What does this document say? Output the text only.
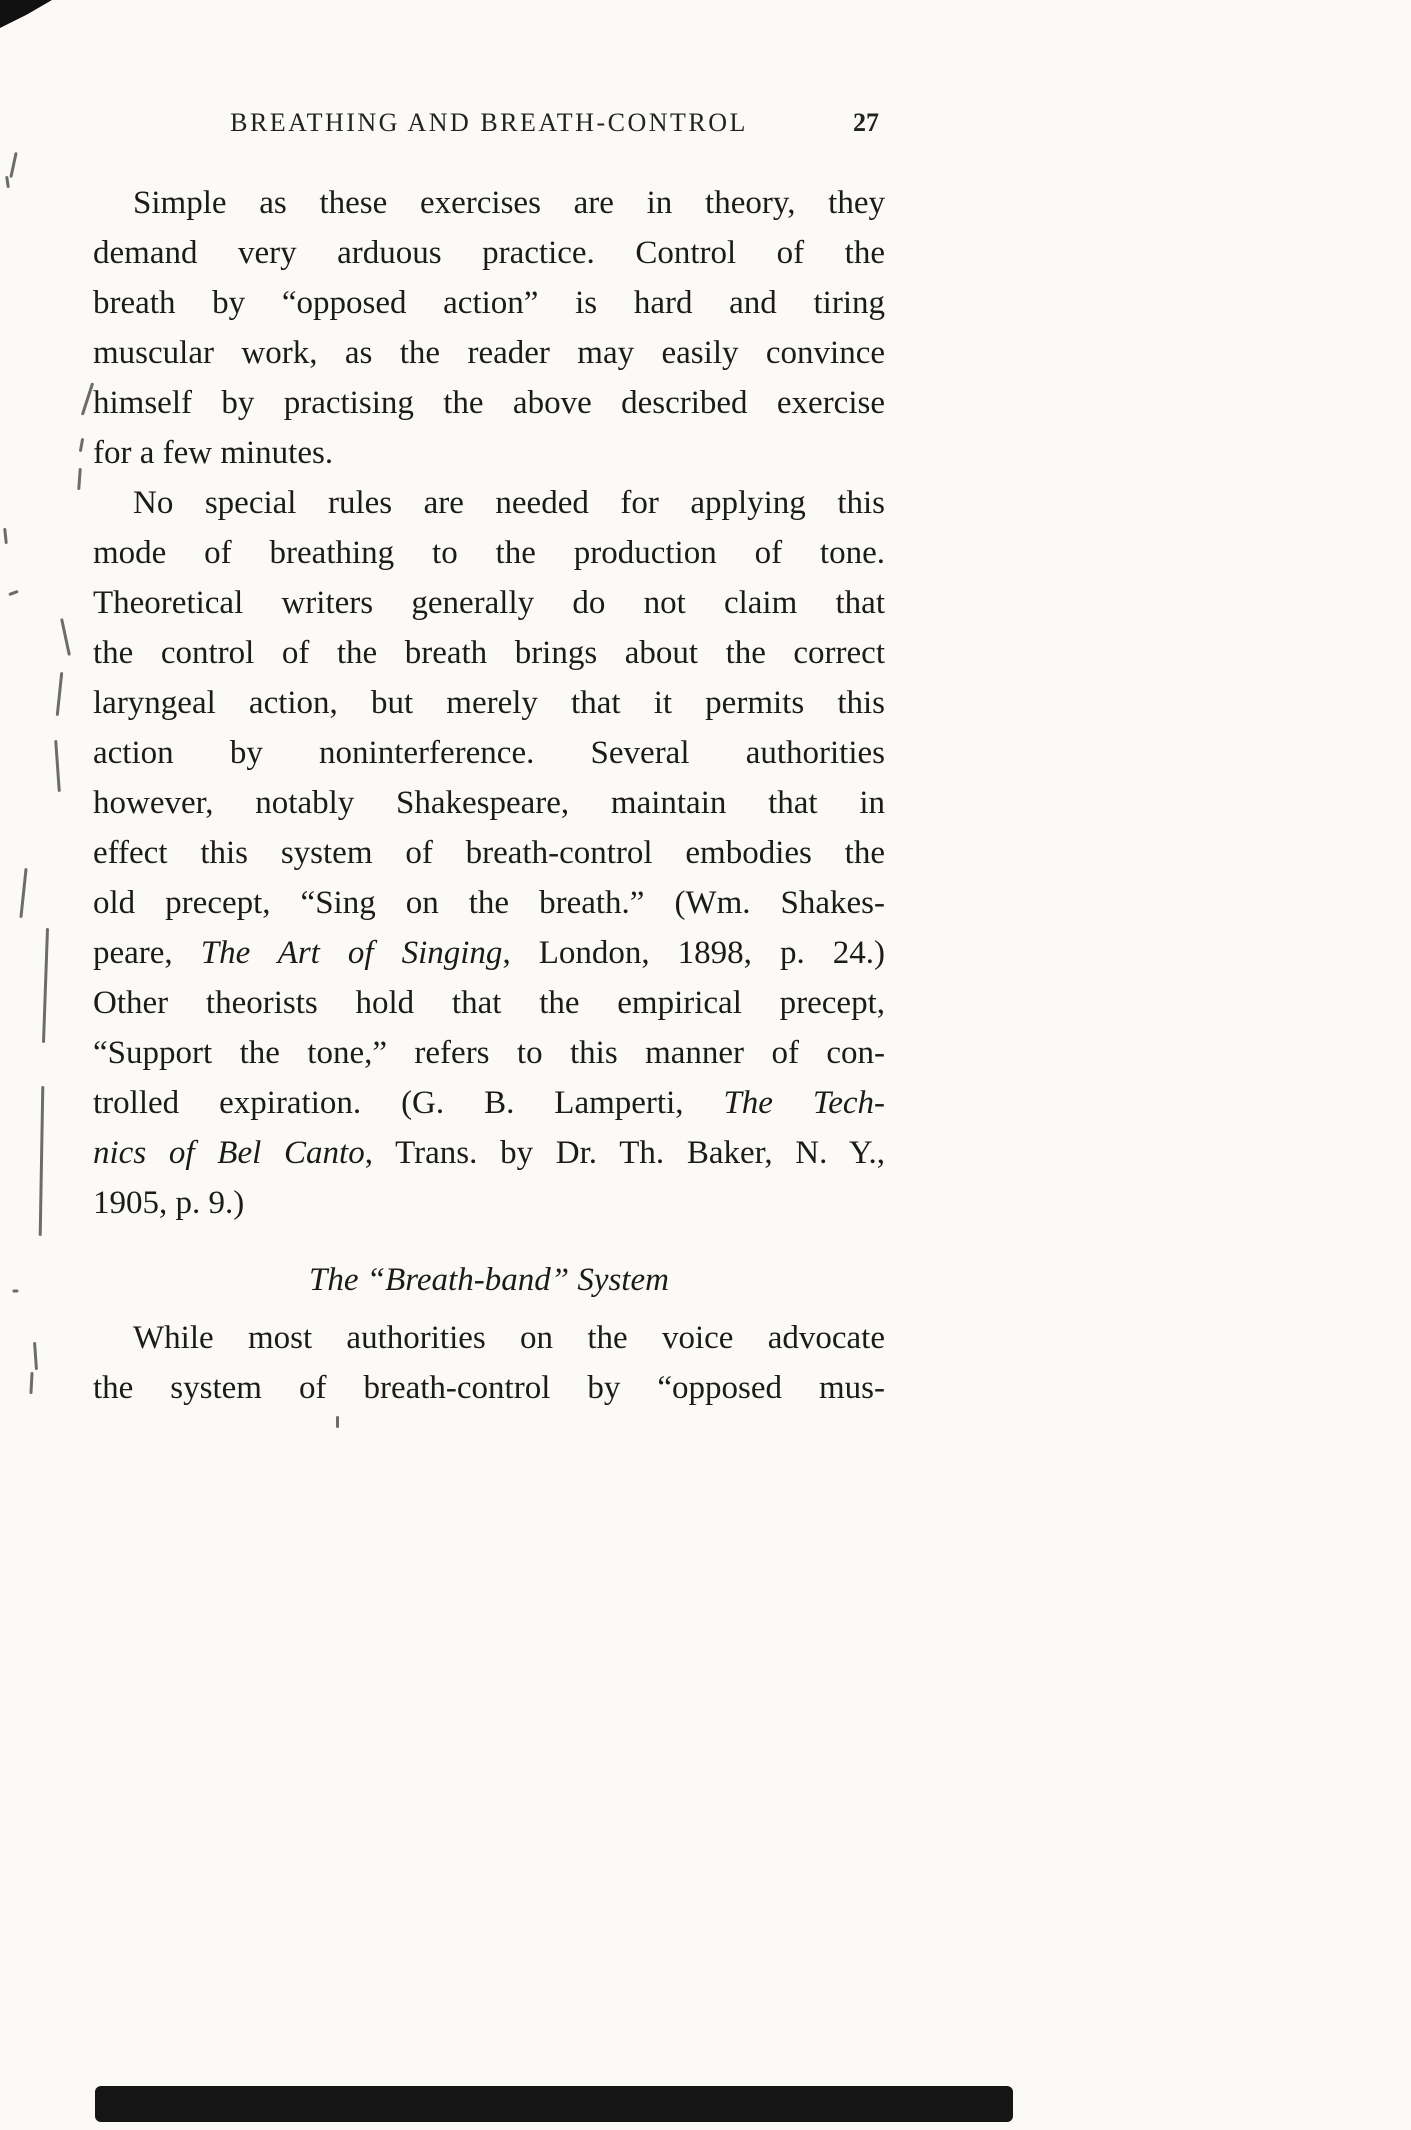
BREATHING AND BREATH-CONTROL	27
Simple as these exercises are in theory, they
demand very arduous practice. Control of the
breath by “opposed action” is hard and tiring
muscular work, as the reader may easily convince
himself by practising the above described exercise
for a few minutes.
No special rules are needed for applying this
mode of breathing to the production of tone.
Theoretical writers generally do not claim that
the control of the breath brings about the correct
laryngeal action, but merely that it permits this
action by noninterference. Several authorities
however, notably Shakespeare, maintain that in
effect this system of breath-control embodies the
old precept, “Sing on the breath.” (Wm. Shakes-
peare, The Art of Singing, London, 1898, p. 24.)
Other theorists hold that the empirical precept,
“Support the tone,” refers to this manner of con-
trolled expiration. (G. B. Lamperti, The Tech-
nics of Bel Canto, Trans. by Dr. Th. Baker, N. Y.,
1905, p. 9.)
The “Breath-band” System
While most authorities on the voice advocate
the system of breath-control by “opposed mus-
